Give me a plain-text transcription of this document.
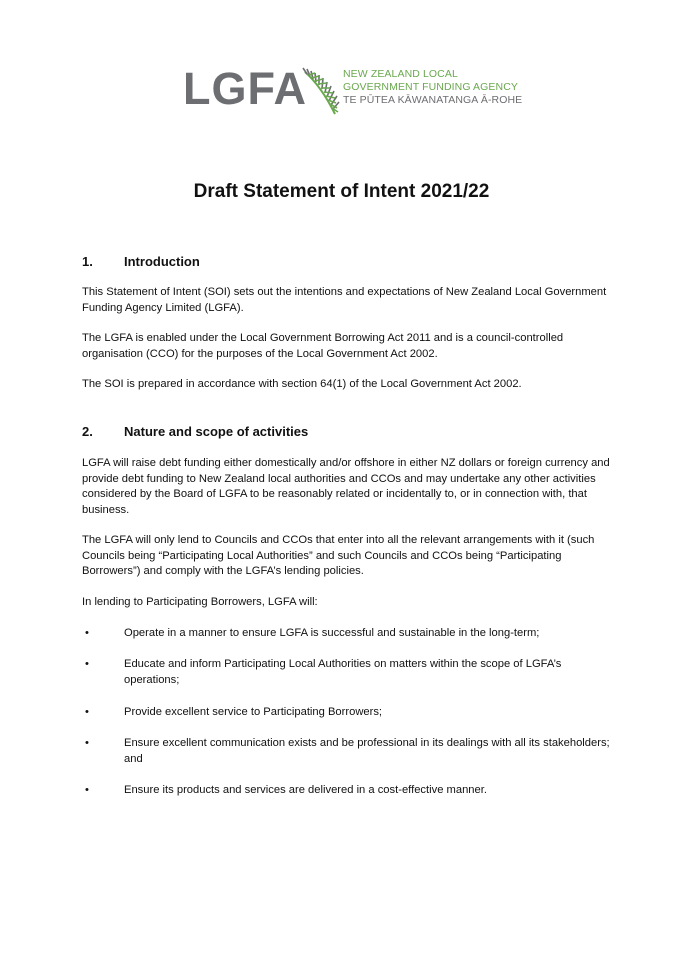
LGFA	NEW ZEALAND LOCAL
GOVERNMENT FUNDING AGENCY
TE PŪTEA KĀWANATANGA Ā-ROHE
Draft Statement of Intent 2021/22
1. Introduction
This Statement of Intent (SOI) sets out the intentions and expectations of New Zealand Local Government Funding Agency Limited (LGFA).
The LGFA is enabled under the Local Government Borrowing Act 2011 and is a council-controlled organisation (CCO) for the purposes of the Local Government Act 2002.
The SOI is prepared in accordance with section 64(1) of the Local Government Act 2002.
2. Nature and scope of activities
LGFA will raise debt funding either domestically and/or offshore in either NZ dollars or foreign currency and provide debt funding to New Zealand local authorities and CCOs and may undertake any other activities considered by the Board of LGFA to be reasonably related or incidentally to, or in connection with, that business.
The LGFA will only lend to Councils and CCOs that enter into all the relevant arrangements with it (such Councils being “Participating Local Authorities” and such Councils and CCOs being “Participating Borrowers”) and comply with the LGFA’s lending policies.
In lending to Participating Borrowers, LGFA will:
•	Operate in a manner to ensure LGFA is successful and sustainable in the long-term;
•	Educate and inform Participating Local Authorities on matters within the scope of LGFA’s operations;
•	Provide excellent service to Participating Borrowers;
•	Ensure excellent communication exists and be professional in its dealings with all its stakeholders; and
•	Ensure its products and services are delivered in a cost-effective manner.
